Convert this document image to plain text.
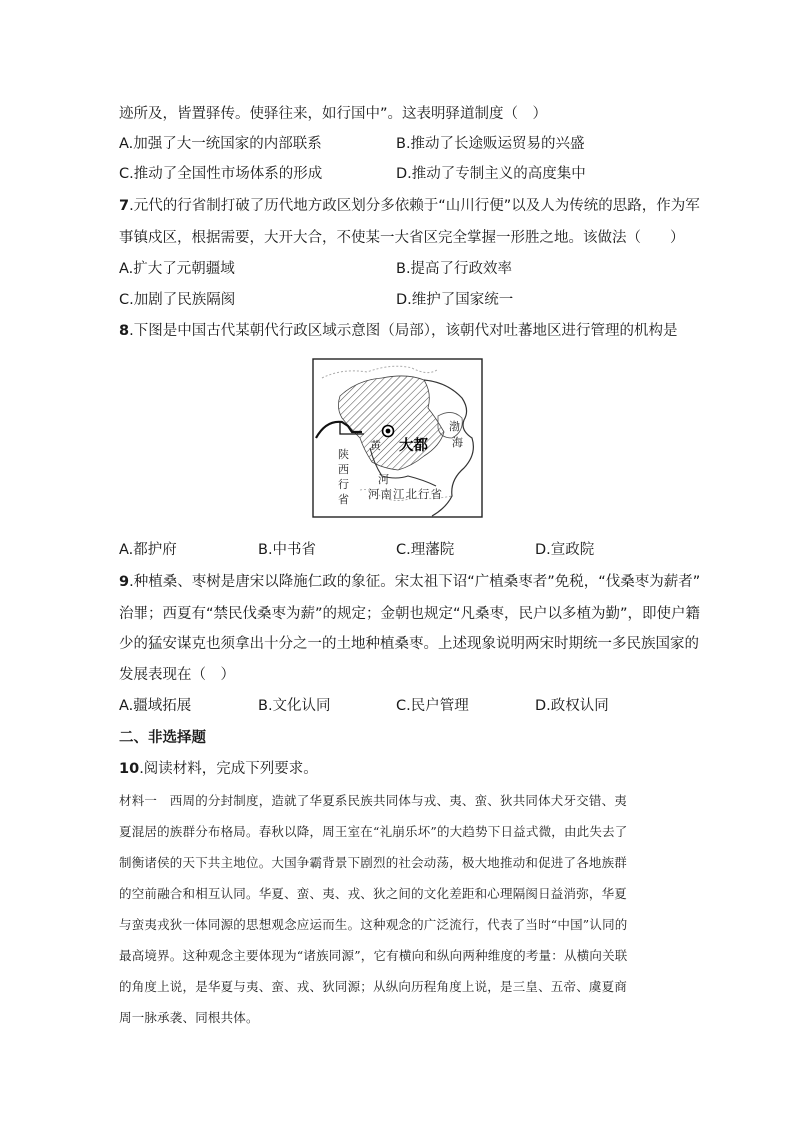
迹所及，皆置驿传。使驿往来，如行国中”。这表明驿道制度（　）
A.加强了大一统国家的内部联系	B.推动了长途贩运贸易的兴盛
C.推动了全国性市场体系的形成	D.推动了专制主义的高度集中
7.元代的行省制打破了历代地方政区划分多依赖于“山川行便”以及人为传统的思路，作为军
事镇戍区，根据需要，大开大合，不使某一大省区完全掌握一形胜之地。该做法（　　）
A.扩大了元朝疆域	B.提高了行政效率
C.加剧了民族隔阂	D.维护了国家统一
8.下图是中国古代某朝代行政区域示意图（局部），该朝代对吐蕃地区进行管理的机构是
大都
渤
海
黄
河
陕
西
行
省 河南江北行省
A.都护府	B.中书省	C.理藩院	D.宣政院
9.种植桑、枣树是唐宋以降施仁政的象征。宋太祖下诏“广植桑枣者”免税，“伐桑枣为薪者”
治罪；西夏有“禁民伐桑枣为薪”的规定；金朝也规定“凡桑枣，民户以多植为勤”，即使户籍
少的猛安谋克也须拿出十分之一的土地种植桑枣。上述现象说明两宋时期统一多民族国家的
发展表现在（　）
A.疆域拓展	B.文化认同	C.民户管理	D.政权认同
二、非选择题
10.阅读材料，完成下列要求。
材料一　西周的分封制度，造就了华夏系民族共同体与戎、夷、蛮、狄共同体犬牙交错、夷
夏混居的族群分布格局。春秋以降，周王室在“礼崩乐坏”的大趋势下日益式微，由此失去了
制衡诸侯的天下共主地位。大国争霸背景下剧烈的社会动荡，极大地推动和促进了各地族群
的空前融合和相互认同。华夏、蛮、夷、戎、狄之间的文化差距和心理隔阂日益消弥，华夏
与蛮夷戎狄一体同源的思想观念应运而生。这种观念的广泛流行，代表了当时“中国”认同的
最高境界。这种观念主要体现为“诸族同源”，它有横向和纵向两种维度的考量：从横向关联
的角度上说，是华夏与夷、蛮、戎、狄同源；从纵向历程角度上说，是三皇、五帝、虞夏商
周一脉承袭、同根共体。
